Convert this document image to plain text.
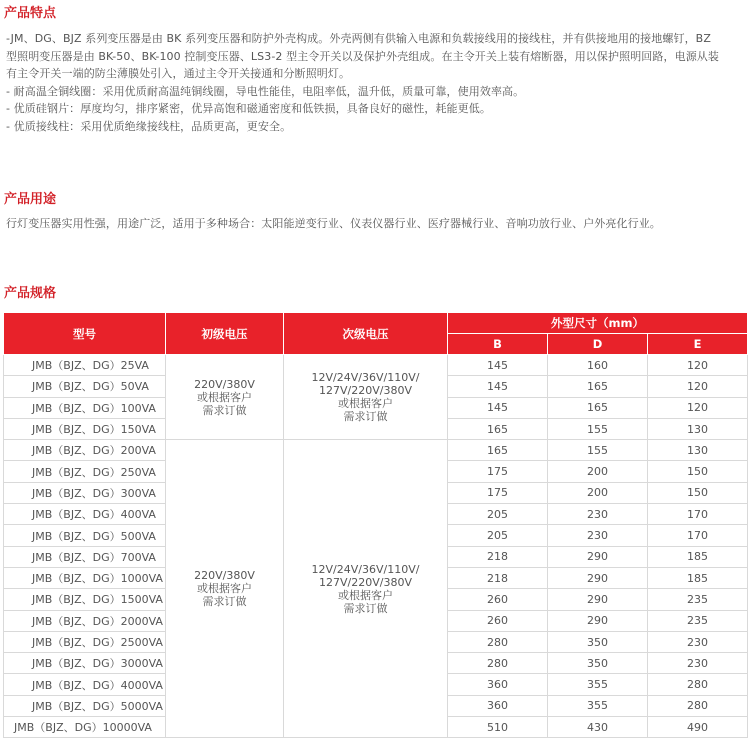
产品特点
-JM、DG、BJZ 系列变压器是由 BK 系列变压器和防护外壳构成。外壳两侧有供输入电源和负载接线用的接线柱，并有供接地用的接地螺钉，BZ
型照明变压器是由 BK-50、BK-100 控制变压器、LS3-2 型主令开关以及保护外壳组成。在主令开关上装有熔断器，用以保护照明回路，电源从装
有主令开关一端的防尘薄膜处引入，通过主令开关接通和分断照明灯。
- 耐高温全铜线圈：采用优质耐高温纯铜线圈，导电性能佳，电阻率低，温升低，质量可靠，使用效率高。
- 优质硅钢片：厚度均匀，排序紧密，优异高饱和磁通密度和低铁损，具备良好的磁性，耗能更低。
- 优质接线柱：采用优质绝缘接线柱，品质更高，更安全。
产品用途
行灯变压器实用性强，用途广泛，适用于多种场合：太阳能逆变行业、仪表仪器行业、医疗器械行业、音响功放行业、户外亮化行业。
产品规格
型号	初级电压	次级电压	外型尺寸（mm）		
			B	D	E
JMB（BJZ、DG）25VA	220V/380V
或根据客户
需求订做	12V/24V/36V/110V/
127V/220V/380V
或根据客户
需求订做	145	160	120
JMB（BJZ、DG）50VA			145	165	120
JMB（BJZ、DG）100VA			145	165	120
JMB（BJZ、DG）150VA			165	155	130
JMB（BJZ、DG）200VA	220V/380V
或根据客户
需求订做	12V/24V/36V/110V/
127V/220V/380V
或根据客户
需求订做	165	155	130
JMB（BJZ、DG）250VA			175	200	150
JMB（BJZ、DG）300VA			175	200	150
JMB（BJZ、DG）400VA			205	230	170
JMB（BJZ、DG）500VA			205	230	170
JMB（BJZ、DG）700VA			218	290	185
JMB（BJZ、DG）1000VA			218	290	185
JMB（BJZ、DG）1500VA			260	290	235
JMB（BJZ、DG）2000VA			260	290	235
JMB（BJZ、DG）2500VA			280	350	230
JMB（BJZ、DG）3000VA			280	350	230
JMB（BJZ、DG）4000VA			360	355	280
JMB（BJZ、DG）5000VA			360	355	280
JMB（BJZ、DG）10000VA			510	430	490
